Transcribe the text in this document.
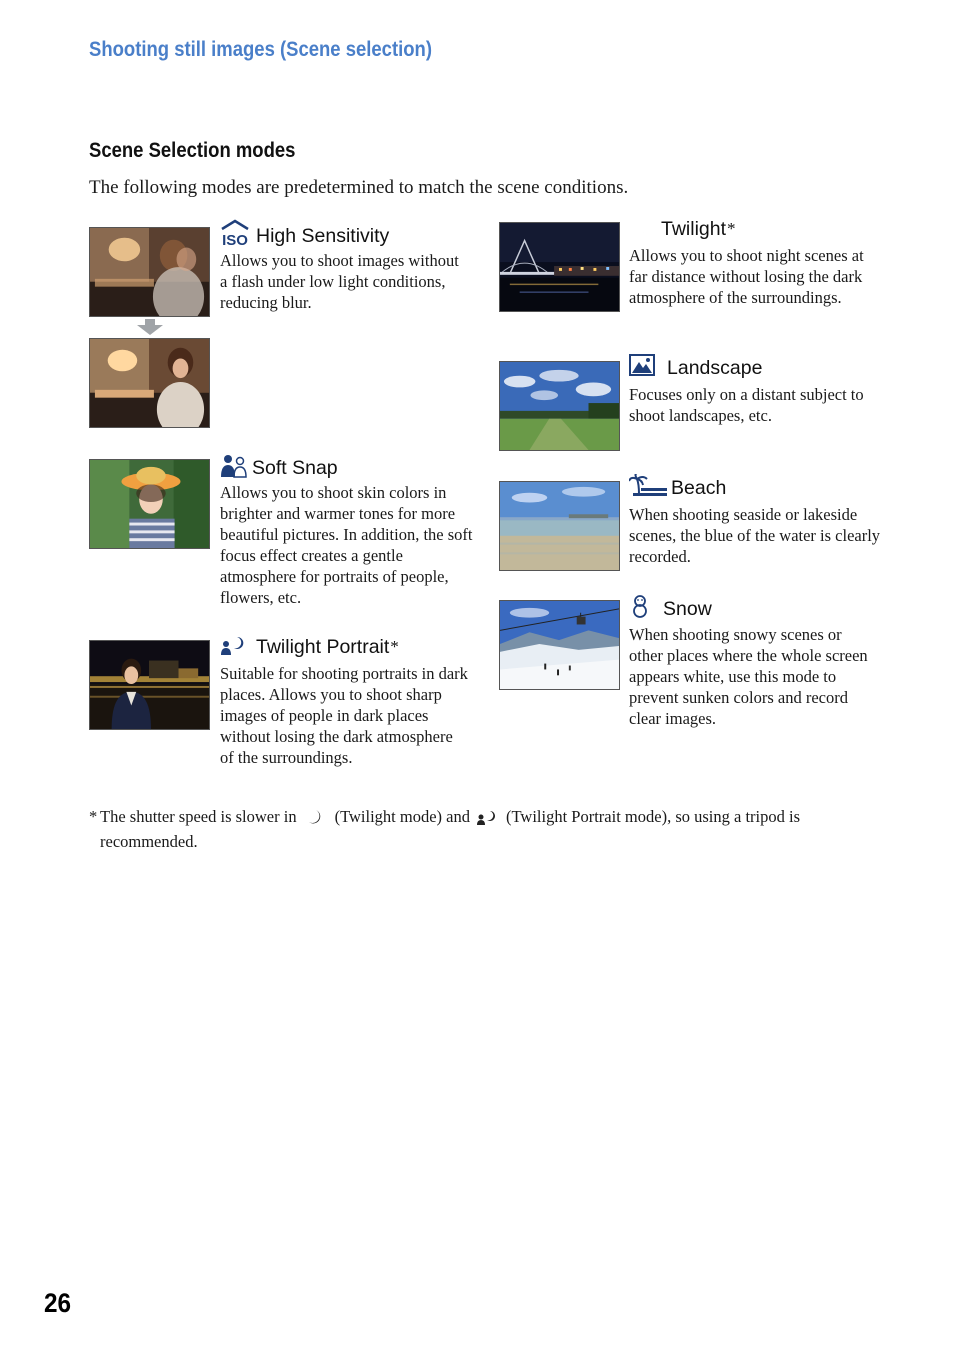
Shooting still images (Scene selection)
Scene Selection modes
The following modes are predetermined to match the scene conditions.
ISO High Sensitivity
Allows you to shoot images without a flash under low light conditions, reducing blur.
Soft Snap
Allows you to shoot skin colors in brighter and warmer tones for more beautiful pictures. In addition, the soft focus effect creates a gentle atmosphere for portraits of people, flowers, etc.
Twilight Portrait *
Suitable for shooting portraits in dark places. Allows you to shoot sharp images of people in dark places without losing the dark atmosphere of the surroundings.
Twilight *
Allows you to shoot night scenes at far distance without losing the dark atmosphere of the surroundings.
Landscape
Focuses only on a distant subject to shoot landscapes, etc.
Beach
When shooting seaside or lakeside scenes, the blue of the water is clearly recorded.
Snow
When shooting snowy scenes or other places where the whole screen appears white, use this mode to prevent sunken colors and record clear images.
* The shutter speed is slower in (Twilight mode) and (Twilight Portrait mode), so using a tripod is
recommended.
26
